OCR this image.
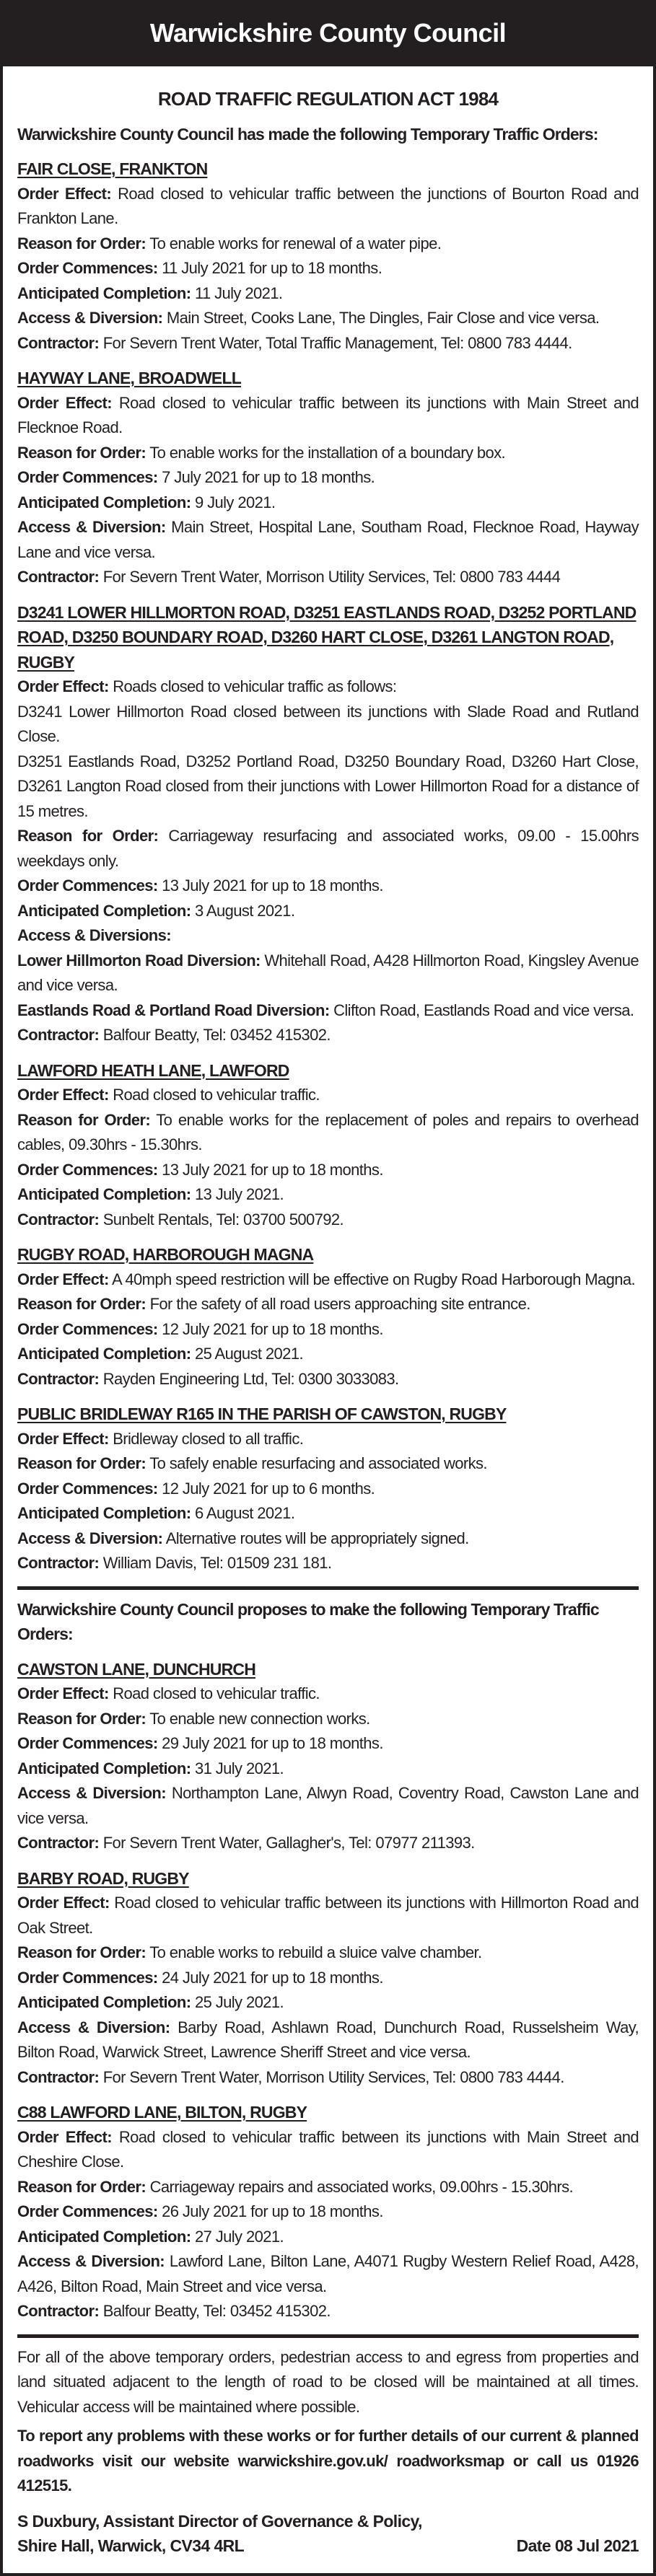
Warwickshire County Council
ROAD TRAFFIC REGULATION ACT 1984
Warwickshire County Council has made the following Temporary Traffic Orders:
FAIR CLOSE, FRANKTON

Order Effect: Road closed to vehicular traffic between the junctions of Bourton Road and Frankton Lane.

Reason for Order: To enable works for renewal of a water pipe.

Order Commences: 11 July 2021 for up to 18 months.

Anticipated Completion: 11 July 2021.

Access & Diversion: Main Street, Cooks Lane, The Dingles, Fair Close and vice versa.

Contractor: For Severn Trent Water, Total Traffic Management, Tel: 0800 783 4444.

HAYWAY LANE, BROADWELL

Order Effect: Road closed to vehicular traffic between its junctions with Main Street and Flecknoe Road.

Reason for Order: To enable works for the installation of a boundary box.

Order Commences: 7 July 2021 for up to 18 months.

Anticipated Completion: 9 July 2021.

Access & Diversion: Main Street, Hospital Lane, Southam Road, Flecknoe Road, Hayway Lane and vice versa.

Contractor: For Severn Trent Water, Morrison Utility Services, Tel: 0800 783 4444

D3241 LOWER HILLMORTON ROAD, D3251 EASTLANDS ROAD, D3252 PORTLAND ROAD, D3250 BOUNDARY ROAD, D3260 HART CLOSE, D3261 LANGTON ROAD, RUGBY

Order Effect: Roads closed to vehicular traffic as follows:

D3241 Lower Hillmorton Road closed between its junctions with Slade Road and Rutland Close.

D3251 Eastlands Road, D3252 Portland Road, D3250 Boundary Road, D3260 Hart Close, D3261 Langton Road closed from their junctions with Lower Hillmorton Road for a distance of 15 metres.

Reason for Order: Carriageway resurfacing and associated works, 09.00 - 15.00hrs weekdays only.

Order Commences: 13 July 2021 for up to 18 months.

Anticipated Completion: 3 August 2021.

Access & Diversions:

Lower Hillmorton Road Diversion: Whitehall Road, A428 Hillmorton Road, Kingsley Avenue and vice versa.

Eastlands Road & Portland Road Diversion: Clifton Road, Eastlands Road and vice versa.

Contractor: Balfour Beatty, Tel: 03452 415302.

LAWFORD HEATH LANE, LAWFORD

Order Effect: Road closed to vehicular traffic.

Reason for Order: To enable works for the replacement of poles and repairs to overhead cables, 09.30hrs - 15.30hrs.

Order Commences: 13 July 2021 for up to 18 months.

Anticipated Completion: 13 July 2021.

Contractor: Sunbelt Rentals, Tel: 03700 500792.

RUGBY ROAD, HARBOROUGH MAGNA

Order Effect: A 40mph speed restriction will be effective on Rugby Road Harborough Magna.

Reason for Order: For the safety of all road users approaching site entrance.

Order Commences: 12 July 2021 for up to 18 months.

Anticipated Completion: 25 August 2021.

Contractor: Rayden Engineering Ltd, Tel: 0300 3033083.

PUBLIC BRIDLEWAY R165 IN THE PARISH OF CAWSTON, RUGBY

Order Effect: Bridleway closed to all traffic.

Reason for Order: To safely enable resurfacing and associated works.

Order Commences: 12 July 2021 for up to 6 months.

Anticipated Completion: 6 August 2021.

Access & Diversion: Alternative routes will be appropriately signed.

Contractor: William Davis, Tel: 01509 231 181.

Warwickshire County Council proposes to make the following Temporary Traffic Orders:
CAWSTON LANE, DUNCHURCH

Order Effect: Road closed to vehicular traffic.

Reason for Order: To enable new connection works.

Order Commences: 29 July 2021 for up to 18 months.

Anticipated Completion: 31 July 2021.

Access & Diversion: Northampton Lane, Alwyn Road, Coventry Road, Cawston Lane and vice versa.

Contractor: For Severn Trent Water, Gallagher's, Tel: 07977 211393.

BARBY ROAD, RUGBY

Order Effect: Road closed to vehicular traffic between its junctions with Hillmorton Road and Oak Street.

Reason for Order: To enable works to rebuild a sluice valve chamber.

Order Commences: 24 July 2021 for up to 18 months.

Anticipated Completion: 25 July 2021.

Access & Diversion: Barby Road, Ashlawn Road, Dunchurch Road, Russelsheim Way, Bilton Road, Warwick Street, Lawrence Sheriff Street and vice versa.

Contractor: For Severn Trent Water, Morrison Utility Services, Tel: 0800 783 4444.

C88 LAWFORD LANE, BILTON, RUGBY

Order Effect: Road closed to vehicular traffic between its junctions with Main Street and Cheshire Close.

Reason for Order: Carriageway repairs and associated works, 09.00hrs - 15.30hrs.

Order Commences: 26 July 2021 for up to 18 months.

Anticipated Completion: 27 July 2021.

Access & Diversion: Lawford Lane, Bilton Lane, A4071 Rugby Western Relief Road, A428, A426, Bilton Road, Main Street and vice versa.

Contractor: Balfour Beatty, Tel: 03452 415302.

For all of the above temporary orders, pedestrian access to and egress from properties and land situated adjacent to the length of road to be closed will be maintained at all times. Vehicular access will be maintained where possible.

To report any problems with these works or for further details of our current & planned roadworks visit our website warwickshire.gov.uk/ roadworksmap or call us 01926 412515.

S Duxbury, Assistant Director of Governance & Policy,
Shire Hall, Warwick, CV34 4RL	Date 08 Jul 2021
